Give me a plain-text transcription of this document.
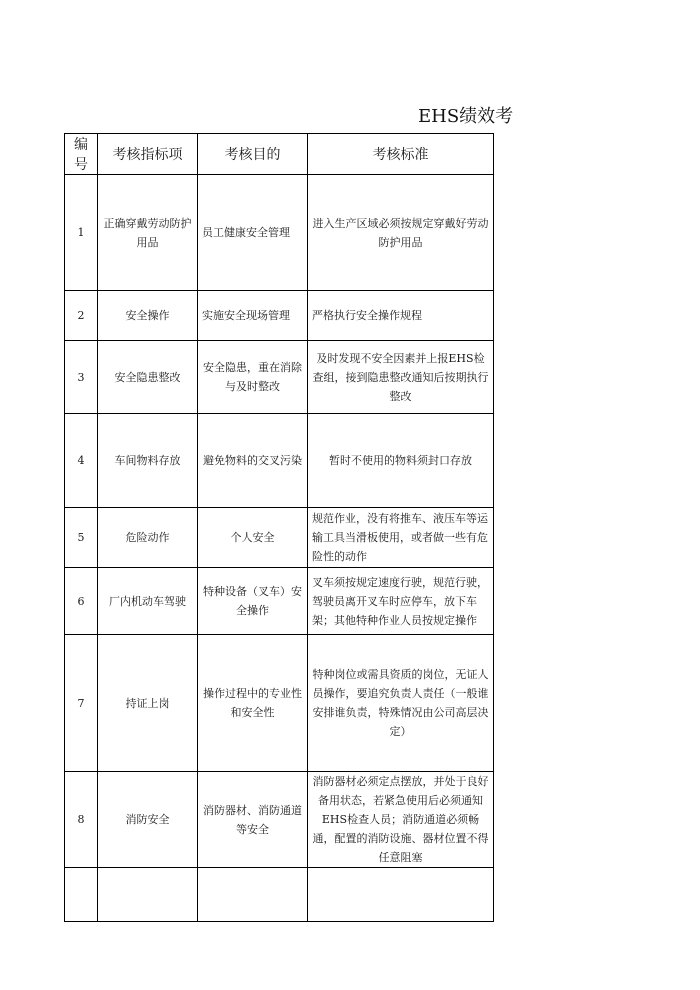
EHS绩效考
编号	考核指标项	考核目的	考核标准
1	正确穿戴劳动防护用品	员工健康安全管理	进入生产区域必须按规定穿戴好劳动防护用品
2	安全操作	实施安全现场管理	严格执行安全操作规程
3	安全隐患整改	安全隐患，重在消除与及时整改	及时发现不安全因素并上报EHS检查组，接到隐患整改通知后按期执行整改
4	车间物料存放	避免物料的交叉污染	暂时不使用的物料须封口存放
5	危险动作	个人安全	规范作业，没有将推车、液压车等运输工具当滑板使用，或者做一些有危险性的动作
6	厂内机动车驾驶	特种设备（叉车）安全操作	叉车须按规定速度行驶，规范行驶，驾驶员离开叉车时应停车，放下车架；其他特种作业人员按规定操作
7	持证上岗	操作过程中的专业性和安全性	特种岗位或需具资质的岗位，无证人员操作，要追究负责人责任（一般谁安排谁负责，特殊情况由公司高层决定）
8	消防安全	消防器材、消防通道等安全	消防器材必须定点摆放，并处于良好备用状态，若紧急使用后必须通知EHS检查人员；消防通道必须畅通，配置的消防设施、器材位置不得任意阻塞
